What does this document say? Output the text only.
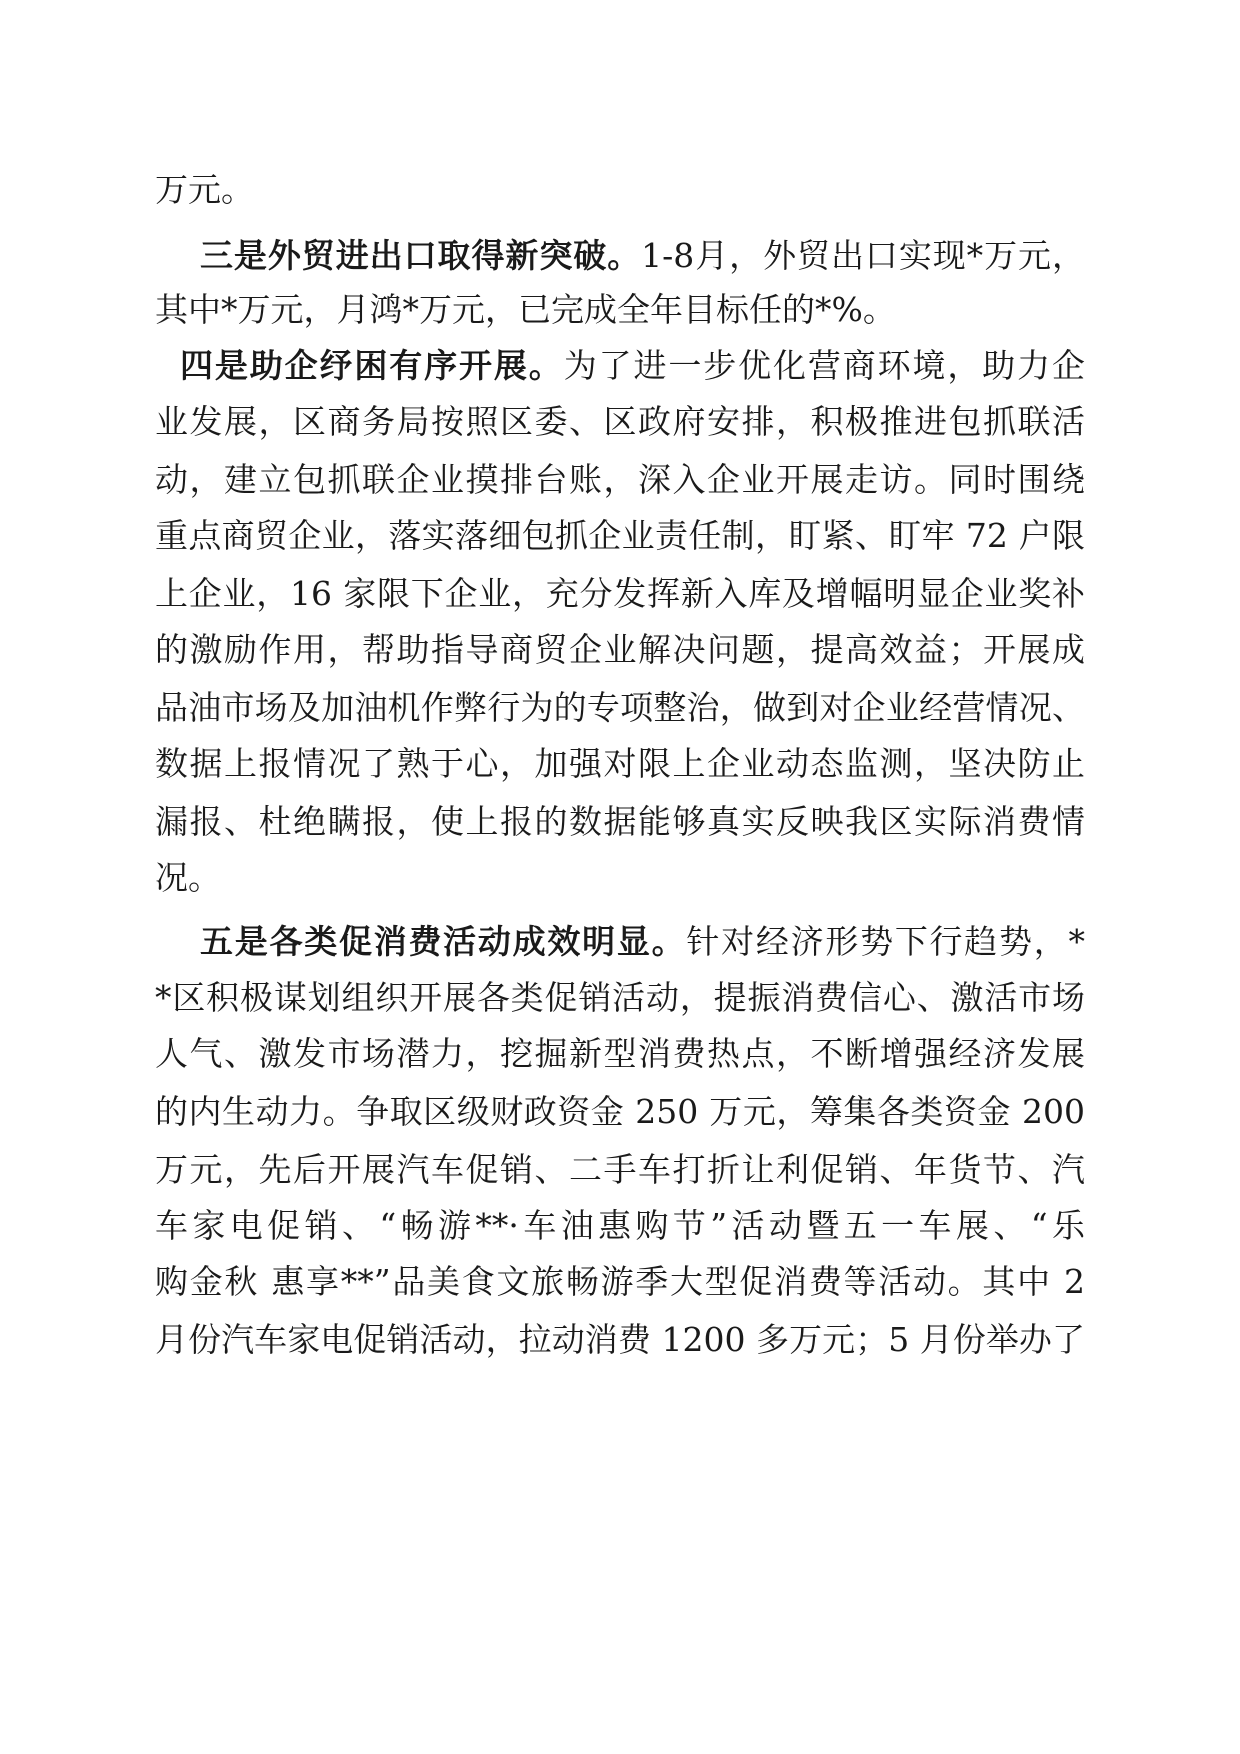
万元。
三是外贸进出口取得新突破。1-8月，外贸出口实现*万元，
其中*万元，月鸿*万元，已完成全年目标任的*%。
四是助企纾困有序开展。为了进一步优化营商环境，助力企
业发展，区商务局按照区委、区政府安排，积极推进包抓联活
动，建立包抓联企业摸排台账，深入企业开展走访。同时围绕
重点商贸企业，落实落细包抓企业责任制，盯紧、盯牢 72 户限
上企业，16 家限下企业，充分发挥新入库及增幅明显企业奖补
的激励作用，帮助指导商贸企业解决问题，提高效益；开展成
品油市场及加油机作弊行为的专项整治，做到对企业经营情况、
数据上报情况了熟于心，加强对限上企业动态监测，坚决防止
漏报、杜绝瞒报，使上报的数据能够真实反映我区实际消费情
况。
五是各类促消费活动成效明显。针对经济形势下行趋势，*
*区积极谋划组织开展各类促销活动，提振消费信心、激活市场
人气、激发市场潜力，挖掘新型消费热点，不断增强经济发展
的内生动力。争取区级财政资金 250 万元，筹集各类资金 200
万元，先后开展汽车促销、二手车打折让利促销、年货节、汽
车家电促销、“畅游**·车油惠购节”活动暨五一车展、“乐
购金秋 惠享**”品美食文旅畅游季大型促消费等活动。其中 2
月份汽车家电促销活动，拉动消费 1200 多万元；5 月份举办了
